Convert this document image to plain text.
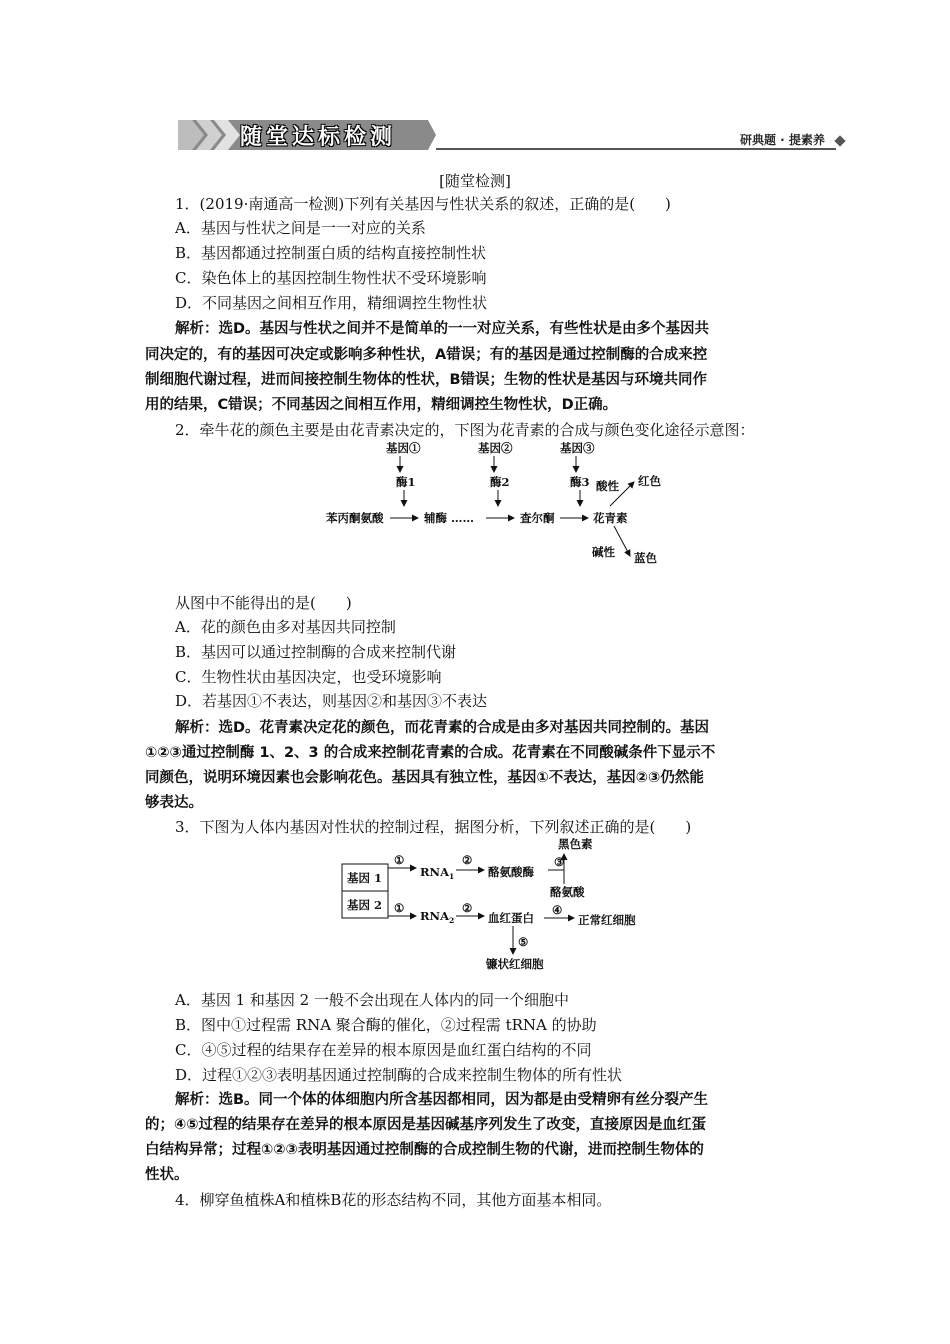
随堂达标检测	研典题 · 提素养
[随堂检测]
1．(2019·南通高一检测)下列有关基因与性状关系的叙述，正确的是(　　)
A．基因与性状之间是一一对应的关系
B．基因都通过控制蛋白质的结构直接控制性状
C．染色体上的基因控制生物性状不受环境影响
D．不同基因之间相互作用，精细调控生物性状
解析：选D。基因与性状之间并不是简单的一一对应关系，有些性状是由多个基因共
同决定的，有的基因可决定或影响多种性状，A错误；有的基因是通过控制酶的合成来控
制细胞代谢过程，进而间接控制生物体的性状，B错误；生物的性状是基因与环境共同作
用的结果，C错误；不同基因之间相互作用，精细调控生物性状，D正确。
2．牵牛花的颜色主要是由花青素决定的，下图为花青素的合成与颜色变化途径示意图：
基因①	基因②	基因③
酶1	酶2	酶3
苯丙酮氨酸	辅酶 ……	查尔酮	花青素
酸性 红色
碱性 蓝色
从图中不能得出的是(　　)
A．花的颜色由多对基因共同控制
B．基因可以通过控制酶的合成来控制代谢
C．生物性状由基因决定，也受环境影响
D．若基因①不表达，则基因②和基因③不表达
解析：选D。花青素决定花的颜色，而花青素的合成是由多对基因共同控制的。基因
①②③通过控制酶 1、2、3 的合成来控制花青素的合成。花青素在不同酸碱条件下显示不
同颜色，说明环境因素也会影响花色。基因具有独立性，基因①不表达，基因②③仍然能
够表达。
3．下图为人体内基因对性状的控制过程，据图分析，下列叙述正确的是(　　)
基因 1
基因 2
①
①
$RNA_1$
$RNA_2$
②
②
酪氨酸酶
黑色素
③
酪氨酸
血红蛋白
④
正常红细胞
⑤
镰状红细胞
A．基因 1 和基因 2 一般不会出现在人体内的同一个细胞中
B．图中①过程需 RNA 聚合酶的催化，②过程需 tRNA 的协助
C．④⑤过程的结果存在差异的根本原因是血红蛋白结构的不同
D．过程①②③表明基因通过控制酶的合成来控制生物体的所有性状
解析：选B。同一个体的体细胞内所含基因都相同，因为都是由受精卵有丝分裂产生
的；④⑤过程的结果存在差异的根本原因是基因碱基序列发生了改变，直接原因是血红蛋
白结构异常；过程①②③表明基因通过控制酶的合成控制生物的代谢，进而控制生物体的
性状。
4．柳穿鱼植株A和植株B花的形态结构不同，其他方面基本相同。
